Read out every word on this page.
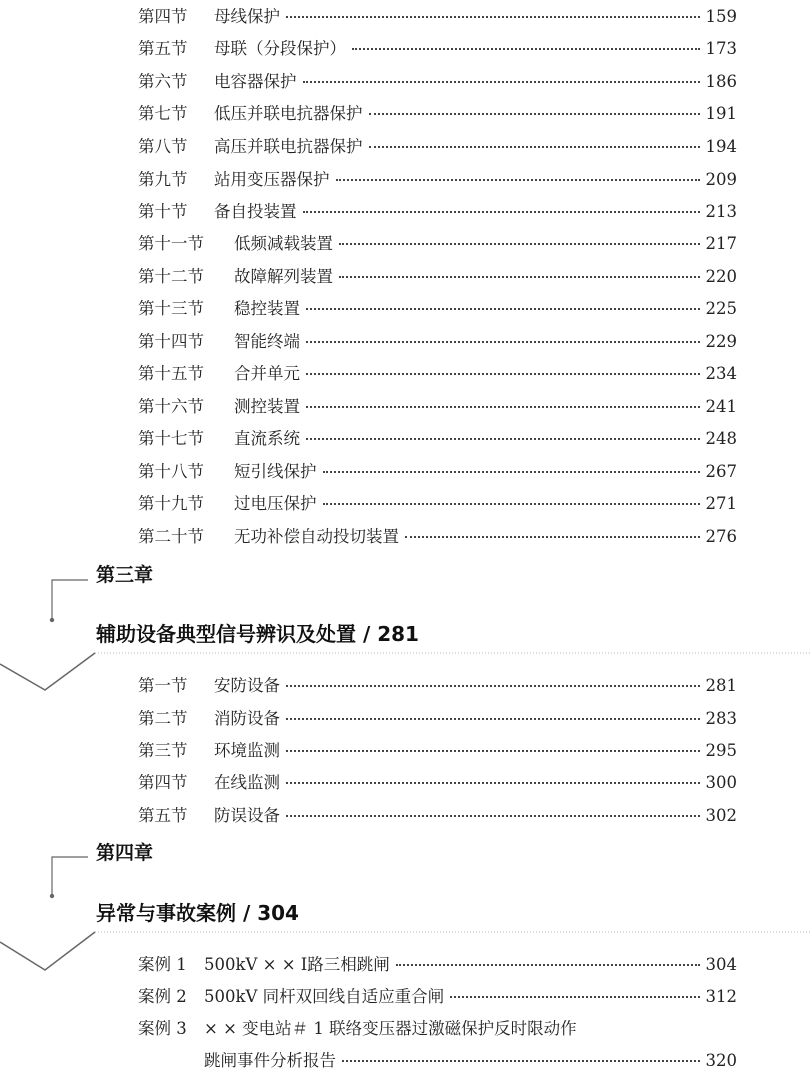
第四节	母线保护	159
第五节	母联（分段保护）	173
第六节	电容器保护	186
第七节	低压并联电抗器保护	191
第八节	高压并联电抗器保护	194
第九节	站用变压器保护	209
第十节	备自投装置	213
第十一节	低频减载装置	217
第十二节	故障解列装置	220
第十三节	稳控装置	225
第十四节	智能终端	229
第十五节	合并单元	234
第十六节	测控装置	241
第十七节	直流系统	248
第十八节	短引线保护	267
第十九节	过电压保护	271
第二十节	无功补偿自动投切装置	276
第三章
辅助设备典型信号辨识及处置 / 281
第一节	安防设备	281
第二节	消防设备	283
第三节	环境监测	295
第四节	在线监测	300
第五节	防误设备	302
第四章
异常与事故案例 / 304
案例 1	500kV × × Ⅰ路三相跳闸	304
案例 2	500kV 同杆双回线自适应重合闸	312
案例 3	× × 变电站＃ 1 联络变压器过激磁保护反时限动作
跳闸事件分析报告	320
